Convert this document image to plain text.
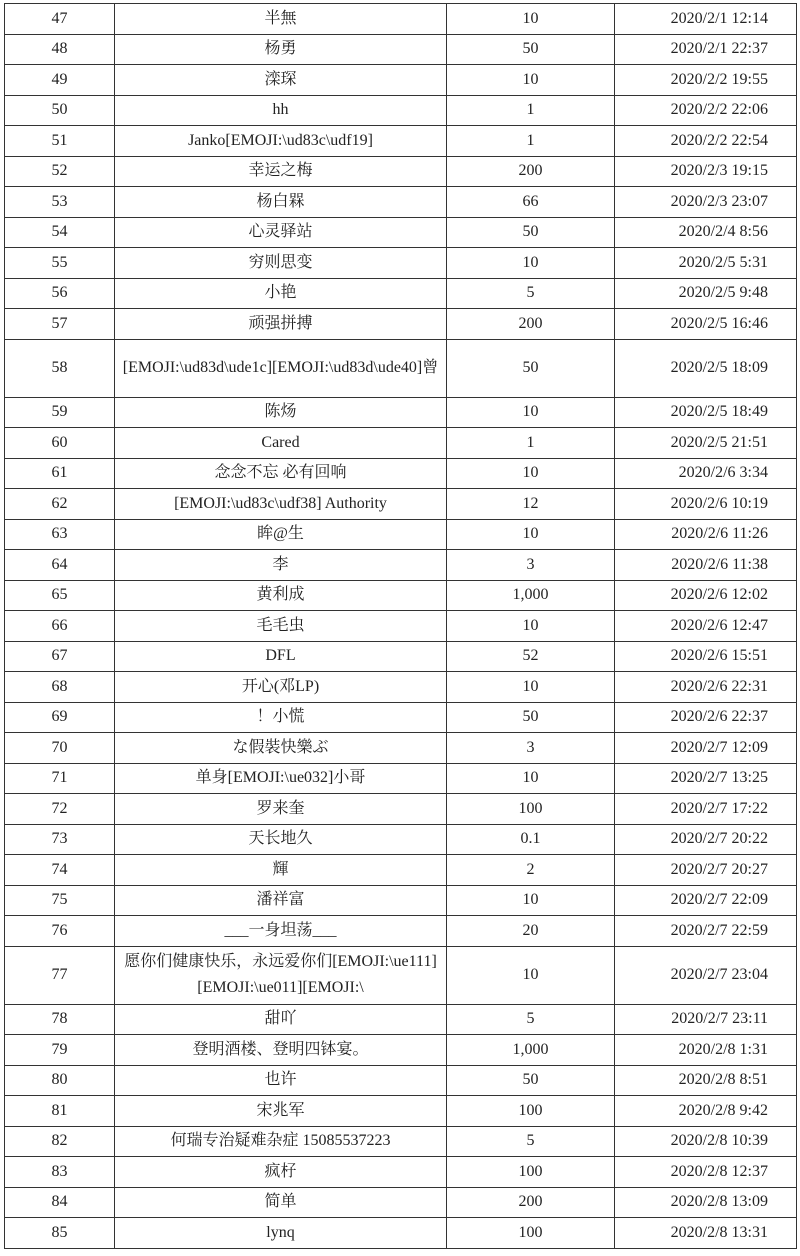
47	半無	10	2020/2/1 12:14
48	杨勇	50	2020/2/1 22:37
49	滦琛	10	2020/2/2 19:55
50	hh	1	2020/2/2 22:06
51	Janko[EMOJI:\ud83c\udf19]	1	2020/2/2 22:54
52	幸运之梅	200	2020/2/3 19:15
53	杨白槑	66	2020/2/3 23:07
54	心灵驿站	50	2020/2/4 8:56
55	穷则思变	10	2020/2/5 5:31
56	小艳	5	2020/2/5 9:48
57	顽强拼搏	200	2020/2/5 16:46
58	[EMOJI:\ud83d\ude1c][EMOJI:\ud83d\ude40]曾	50	2020/2/5 18:09
59	陈炀	10	2020/2/5 18:49
60	Cared	1	2020/2/5 21:51
61	念念不忘 必有回响	10	2020/2/6 3:34
62	[EMOJI:\ud83c\udf38] Authority	12	2020/2/6 10:19
63	眸@生	10	2020/2/6 11:26
64	李	3	2020/2/6 11:38
65	黄利成	1,000	2020/2/6 12:02
66	毛毛虫	10	2020/2/6 12:47
67	DFL	52	2020/2/6 15:51
68	开心(邓LP)	10	2020/2/6 22:31
69	！小慌	50	2020/2/6 22:37
70	な假裝快樂ぶ	3	2020/2/7 12:09
71	单身[EMOJI:\ue032]小哥	10	2020/2/7 13:25
72	罗来奎	100	2020/2/7 17:22
73	天长地久	0.1	2020/2/7 20:22
74	輝	2	2020/2/7 20:27
75	潘祥富	10	2020/2/7 22:09
76	___一身坦荡___	20	2020/2/7 22:59
77	愿你们健康快乐，永远爱你们[EMOJI:\ue111][EMOJI:\ue011][EMOJI:\	10	2020/2/7 23:04
78	甜吖	5	2020/2/7 23:11
79	登明酒楼、登明四钵宴。	1,000	2020/2/8 1:31
80	也许	50	2020/2/8 8:51
81	宋兆军	100	2020/2/8 9:42
82	何瑞专治疑难杂症 15085537223	5	2020/2/8 10:39
83	疯杍	100	2020/2/8 12:37
84	简单	200	2020/2/8 13:09
85	lynq	100	2020/2/8 13:31
